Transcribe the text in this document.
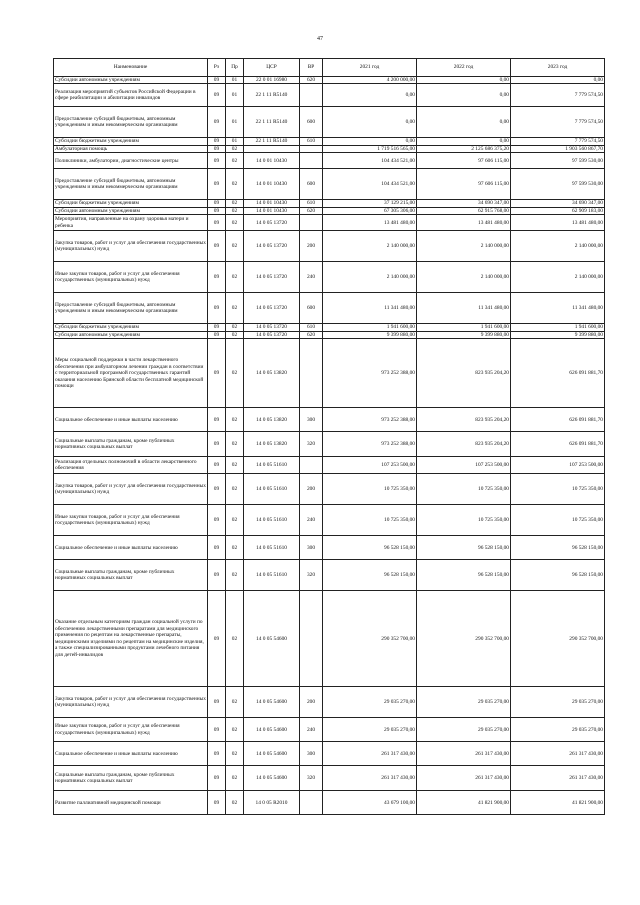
47
Наименование	Рз	Пр	ЦСР	ВР	2021 год	2022 год	2023 год
Субсидии автономным учреждениям	09	01	22 0 01 16980	620	4 200 000,00	0,00	0,00
Реализация мероприятий субъектов Российской Федерации в сфере реабилитации и абилитации инвалидов	09	01	22 1 11 R5140		0,00	0,00	7 779 574,50
Предоставление субсидий бюджетным, автономным учреждениям и иным некоммерческим организациям	09	01	22 1 11 R5140	600	0,00	0,00	7 779 574,50
Субсидии бюджетным учреждениям	09	01	22 1 11 R5140	610	0,00	0,00	7 779 574,50
Амбулаторная помощь	09	02			1 719 516 565,00	2 125 686 375,20	1 903 560 867,70
Поликлиники, амбулатории, диагностические центры	09	02	14 0 01 10430		104 434 521,00	97 606 115,00	97 599 530,00
Предоставление субсидий бюджетным, автономным учреждениям и иным некоммерческим организациям	09	02	14 0 01 10430	600	104 434 521,00	97 606 115,00	97 599 530,00
Субсидии бюджетным учреждениям	09	02	14 0 01 10430	610	37 129 215,00	34 690 347,00	34 690 347,00
Субсидии автономным учреждениям	09	02	14 0 01 10430	620	67 305 306,00	62 915 768,00	62 909 183,00
Мероприятия, направленные на охрану здоровья матери и ребенка	09	02	14 0 05 13720		13 481 480,00	13 481 480,00	13 481 480,00
Закупка товаров, работ и услуг для обеспечения государственных (муниципальных) нужд	09	02	14 0 05 13720	200	2 140 000,00	2 140 000,00	2 140 000,00
Иные закупки товаров, работ и услуг для обеспечения государственных (муниципальных) нужд	09	02	14 0 05 13720	240	2 140 000,00	2 140 000,00	2 140 000,00
Предоставление субсидий бюджетным, автономным учреждениям и иным некоммерческим организациям	09	02	14 0 05 13720	600	11 341 480,00	11 341 480,00	11 341 480,00
Субсидии бюджетным учреждениям	09	02	14 0 05 13720	610	1 941 600,00	1 941 600,00	1 941 600,00
Субсидии автономным учреждениям	09	02	14 0 05 13720	620	9 399 880,00	9 399 880,00	9 399 880,00
Меры социальной поддержки в части лекарственного обеспечения при амбулаторном лечении граждан в соответствии с территориальной программой государственных гарантий оказания населению Брянской области бесплатной медицинской помощи	09	02	14 0 05 13820		973 252 388,00	823 935 204,20	626 091 881,70
Социальное обеспечение и иные выплаты населению	09	02	14 0 05 13820	300	973 252 388,00	823 935 204,20	626 091 881,70
Социальные выплаты гражданам, кроме публичных нормативных социальных выплат	09	02	14 0 05 13820	320	973 252 388,00	823 935 204,20	626 091 881,70
Реализация отдельных полномочий в области лекарственного обеспечения	09	02	14 0 05 51610		107 253 500,00	107 253 500,00	107 253 500,00
Закупка товаров, работ и услуг для обеспечения государственных (муниципальных) нужд	09	02	14 0 05 51610	200	10 725 350,00	10 725 350,00	10 725 350,00
Иные закупки товаров, работ и услуг для обеспечения государственных (муниципальных) нужд	09	02	14 0 05 51610	240	10 725 350,00	10 725 350,00	10 725 350,00
Социальное обеспечение и иные выплаты населению	09	02	14 0 05 51610	300	96 528 150,00	96 528 150,00	96 528 150,00
Социальные выплаты гражданам, кроме публичных нормативных социальных выплат	09	02	14 0 05 51610	320	96 528 150,00	96 528 150,00	96 528 150,00
Оказание отдельным категориям граждан социальной услуги по обеспечению лекарственными препаратами для медицинского применения по рецептам на лекарственные препараты, медицинскими изделиями по рецептам на медицинские изделия, а также специализированными продуктами лечебного питания для детей-инвалидов	09	02	14 0 05 54600		290 352 700,00	290 352 700,00	290 352 700,00
Закупка товаров, работ и услуг для обеспечения государственных (муниципальных) нужд	09	02	14 0 05 54600	200	29 035 270,00	29 035 270,00	29 035 270,00
Иные закупки товаров, работ и услуг для обеспечения государственных (муниципальных) нужд	09	02	14 0 05 54600	240	29 035 270,00	29 035 270,00	29 035 270,00
Социальное обеспечение и иные выплаты населению	09	02	14 0 05 54600	300	261 317 430,00	261 317 430,00	261 317 430,00
Социальные выплаты гражданам, кроме публичных нормативных социальных выплат	09	02	14 0 05 54600	320	261 317 430,00	261 317 430,00	261 317 430,00
Развитие паллиативной медицинской помощи	09	02	14 0 05 R2010		43 679 100,00	41 821 900,00	41 821 900,00
